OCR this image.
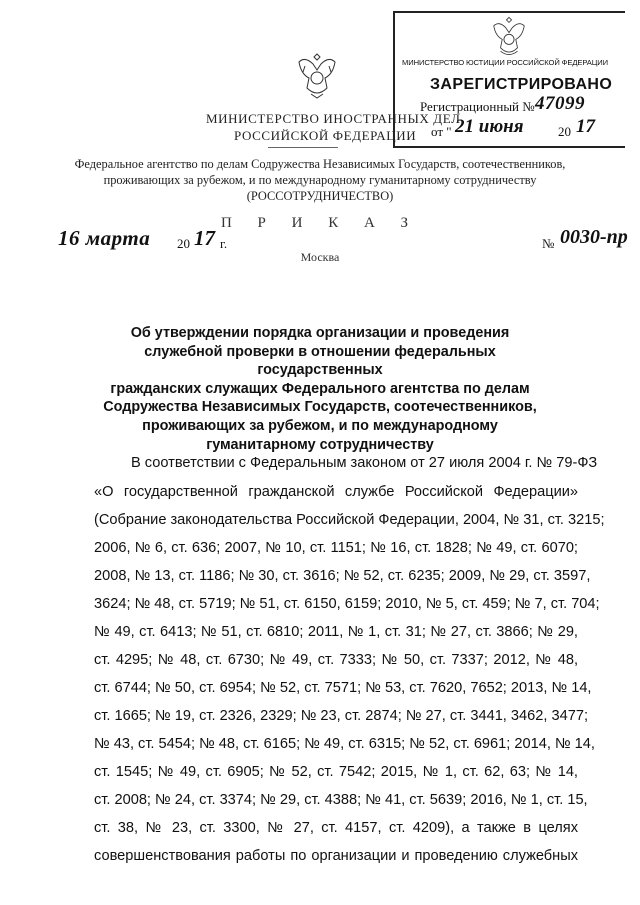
МИНИСТЕРСТВО ЮСТИЦИИ РОССИЙСКОЙ ФЕДЕРАЦИИ
ЗАРЕГИСТРИРОВАНО
Регистрационный № 47099
от " 21 июня	20 17
МИНИСТЕРСТВО ИНОСТРАННЫХ ДЕЛ
РОССИЙСКОЙ ФЕДЕРАЦИИ
Федеральное агентство по делам Содружества Независимых Государств, соотечественников,
проживающих за рубежом, и по международному гуманитарному сотрудничеству
(РОССОТРУДНИЧЕСТВО)
П Р И К А З
16 марта 20 17 г.	№ 0030-пр
Москва
Об утверждении порядка организации и проведения
служебной проверки в отношении федеральных государственных
гражданских служащих Федерального агентства по делам
Содружества Независимых Государств, соотечественников,
проживающих за рубежом, и по международному
гуманитарному сотрудничеству
В соответствии с Федеральным законом от 27 июля 2004 г. № 79-ФЗ
«О государственной гражданской службе Российской Федерации»
(Собрание законодательства Российской Федерации, 2004, № 31, ст. 3215;
2006, № 6, ст. 636; 2007, № 10, ст. 1151; № 16, ст. 1828; № 49, ст. 6070;
2008, № 13, ст. 1186; № 30, ст. 3616; № 52, ст. 6235; 2009, № 29, ст. 3597,
3624; № 48, ст. 5719; № 51, ст. 6150, 6159; 2010, № 5, ст. 459; № 7, ст. 704;
№ 49, ст. 6413; № 51, ст. 6810; 2011, № 1, ст. 31; № 27, ст. 3866; № 29,
ст. 4295; № 48, ст. 6730; № 49, ст. 7333; № 50, ст. 7337; 2012, № 48,
ст. 6744; № 50, ст. 6954; № 52, ст. 7571; № 53, ст. 7620, 7652; 2013, № 14,
ст. 1665; № 19, ст. 2326, 2329; № 23, ст. 2874; № 27, ст. 3441, 3462, 3477;
№ 43, ст. 5454; № 48, ст. 6165; № 49, ст. 6315; № 52, ст. 6961; 2014, № 14,
ст. 1545; № 49, ст. 6905; № 52, ст. 7542; 2015, № 1, ст. 62, 63; № 14,
ст. 2008; № 24, ст. 3374; № 29, ст. 4388; № 41, ст. 5639; 2016, № 1, ст. 15,
ст. 38, № 23, ст. 3300, № 27, ст. 4157, ст. 4209), а также в целях
совершенствования работы по организации и проведению служебных
